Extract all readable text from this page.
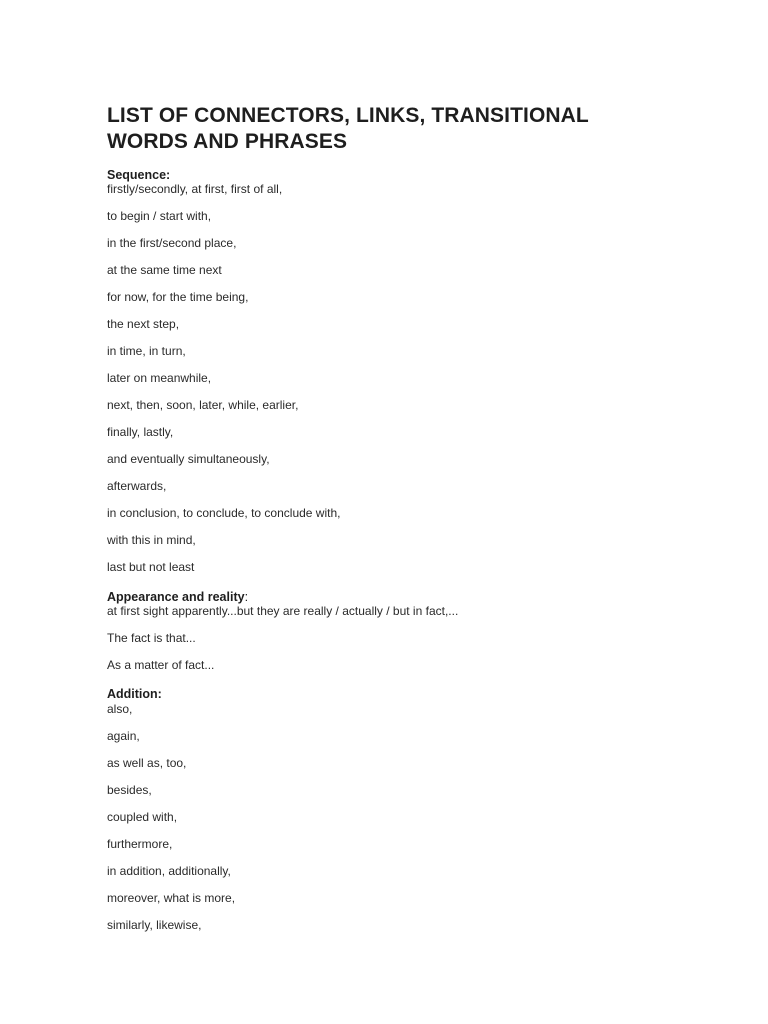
LIST OF CONNECTORS, LINKS, TRANSITIONAL
WORDS AND PHRASES
Sequence:

firstly/secondly, at first, first of all,

to begin / start with,

in the first/second place,

at the same time next

for now, for the time being,

the next step,

in time, in turn,

later on meanwhile,

next, then, soon, later, while, earlier,

finally, lastly,

and eventually simultaneously,

afterwards,

in conclusion, to conclude, to conclude with,

with this in mind,

last but not least

Appearance and reality:

at first sight apparently...but they are really / actually / but in fact,...

The fact is that...

As a matter of fact...

Addition:

also,

again,

as well as, too,

besides,

coupled with,

furthermore,

in addition, additionally,

moreover, what is more,

similarly, likewise,
